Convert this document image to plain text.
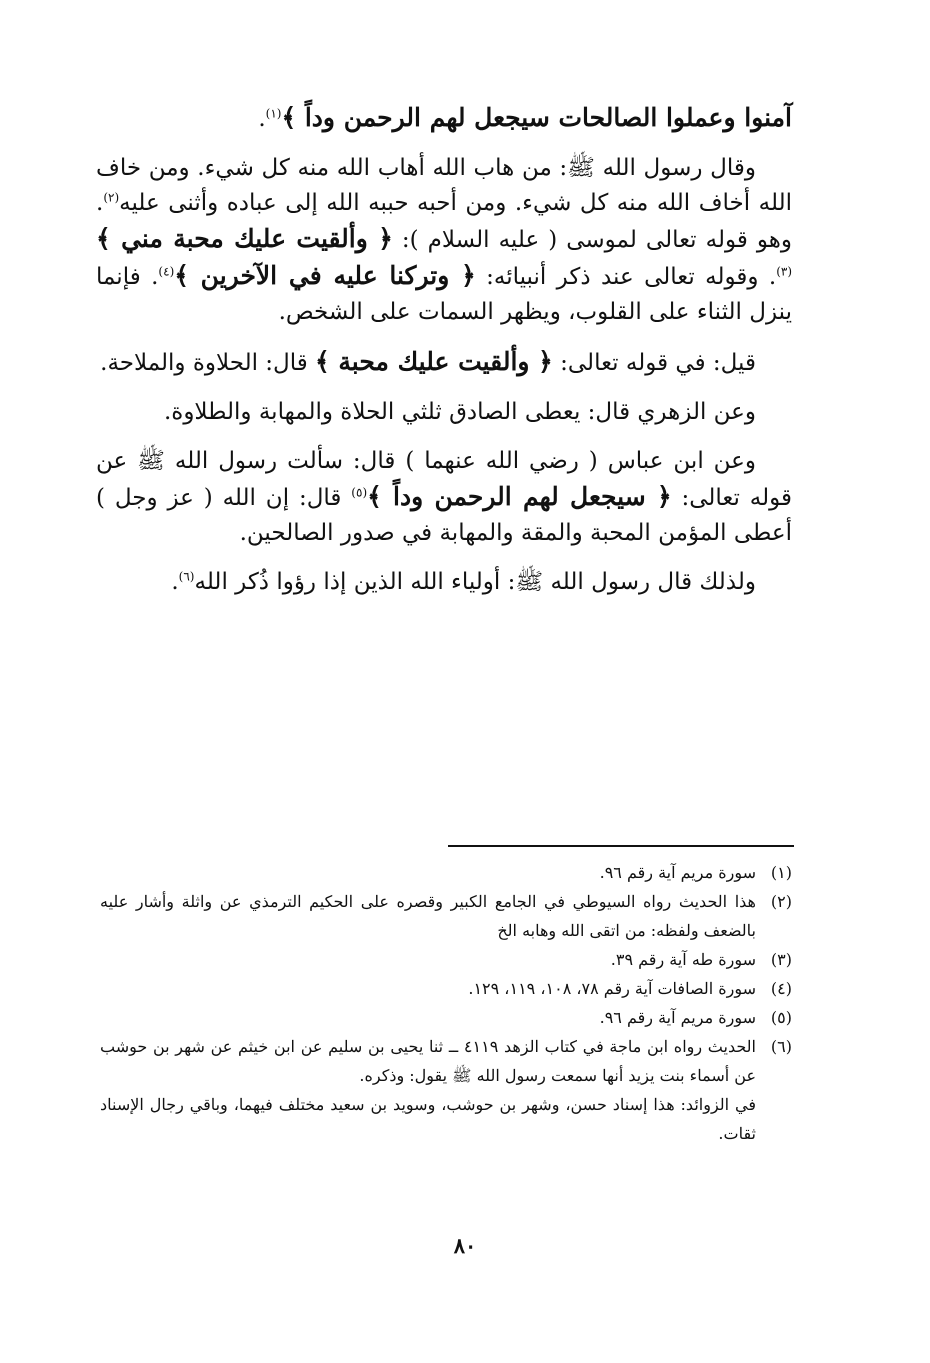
آمنوا وعملوا الصالحات سيجعل لهم الرحمن وداً ﴾$^{(١)}$.

وقال رسول الله ﷺ: من هاب الله أهاب الله منه كل شيء. ومن خاف الله أخاف الله منه كل شيء. ومن أحبه حببه الله إلى عباده وأثنى عليه$^{(٢)}$. وهو قوله تعالى لموسى ( عليه السلام ): ﴿ وألقيت عليك محبة مني ﴾$^{(٣)}$. وقوله تعالى عند ذكر أنبيائه: ﴿ وتركنا عليه في الآخرين ﴾$^{(٤)}$. فإنما ينزل الثناء على القلوب، ويظهر السمات على الشخص.

قيل: في قوله تعالى: ﴿ وألقيت عليك محبة ﴾ قال: الحلاوة والملاحة.

وعن الزهري قال: يعطى الصادق ثلثي الحلاة والمهابة والطلاوة.

وعن ابن عباس ( رضي الله عنهما ) قال: سألت رسول الله ﷺ عن قوله تعالى: ﴿ سيجعل لهم الرحمن وداً ﴾$^{(٥)}$ قال: إن الله ( عز وجل ) أعطى المؤمن المحبة والمقة والمهابة في صدور الصالحين.

ولذلك قال رسول الله ﷺ: أولياء الله الذين إذا رؤوا ذُكر الله$^{(٦)}$.

(١)
سورة مريم آية رقم ٩٦.
(٢)
هذا الحديث رواه السيوطي في الجامع الكبير وقصره على الحكيم الترمذي عن واثلة وأشار عليه بالضعف ولفظه: من اتقى الله وهابه الخ
(٣)
سورة طه آية رقم ٣٩.
(٤)
سورة الصافات آية رقم ٧٨، ١٠٨، ١١٩، ١٢٩.
(٥)
سورة مريم آية رقم ٩٦.
(٦)
الحديث رواه ابن ماجة في كتاب الزهد ٤١١٩ ــ ثنا يحيى بن سليم عن ابن خيثم عن شهر بن حوشب عن أسماء بنت يزيد أنها سمعت رسول الله ﷺ يقول: وذكره.
في الزوائد: هذا إسناد حسن، وشهر بن حوشب، وسويد بن سعيد مختلف فيهما، وباقي رجال الإسناد ثقات.
٨٠
